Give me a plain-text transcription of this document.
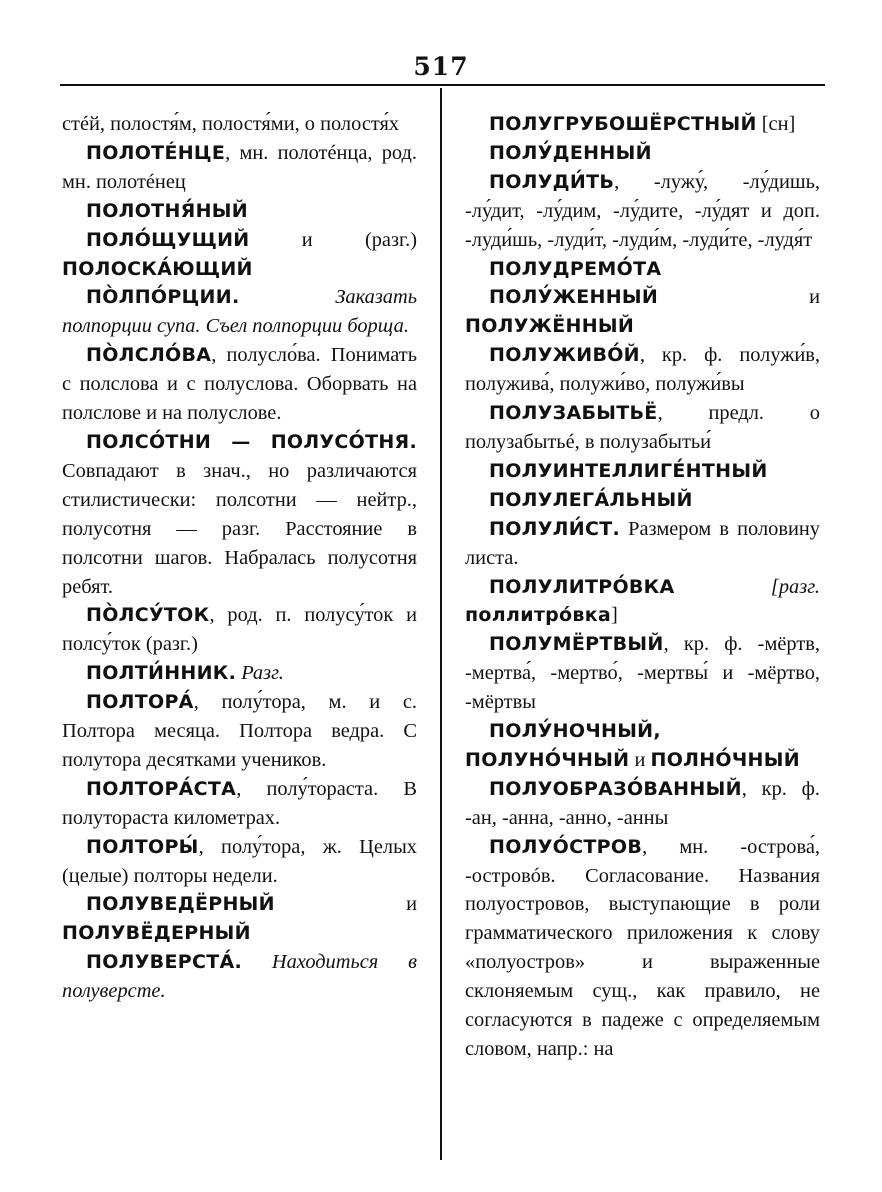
517

стéй, полостя́м, полостя́ми, о полостя́х

ПОЛОТÉНЦЕ, мн. полотéнца, род. мн. полотéнец

ПОЛОТНЯ́НЫЙ

ПОЛО́ЩУЩИЙ и (разг.) ПОЛОСКА́ЮЩИЙ

ПО̀ЛПО́РЦИИ. Заказать полпорции супа. Съел полпорции борща.

ПО̀ЛСЛО́ВА, полусло́ва. Понимать с полслова и с полуслова. Оборвать на полслове и на полуслове.

ПОЛСО́ТНИ — ПОЛУСО́ТНЯ. Совпадают в знач., но различаются стилистически: полсотни — нейтр., полусотня — разг. Расстояние в полсотни шагов. Набралась полусотня ребят.

ПО̀ЛСУ́ТОК, род. п. полусу́ток и полсу́ток (разг.)

ПОЛТИ́ННИК. Разг.

ПОЛТОРА́, полу́тора, м. и с. Полтора месяца. Полтора ведра. С полутора десятками учеников.

ПОЛТОРА́СТА, полу́тораста. В полутораста километрах.

ПОЛТОРЫ́, полу́тора, ж. Целых (целые) полторы недели.

ПОЛУВЕДЁРНЫЙ и ПОЛУВЁДЕРНЫЙ

ПОЛУВЕРСТА́. Находиться в полуверсте.

ПОЛУГРУБОШЁРСТНЫЙ [сн]

ПОЛУ́ДЕННЫЙ

ПОЛУДИ́ТЬ, -лужу́, -лу́дишь, -лу́дит, -лу́дим, -лу́дите, -лу́дят и доп. -луди́шь, -луди́т, -луди́м, -луди́те, -лудя́т

ПОЛУДРЕМО́ТА

ПОЛУ́ЖЕННЫЙ и ПОЛУЖЁННЫЙ

ПОЛУЖИВО́Й, кр. ф. полужи́в, полужива́, полужи́во, полужи́вы

ПОЛУЗАБЫТЬЁ, предл. о полузабытьé, в полузабытьи́

ПОЛУИНТЕЛЛИГЕ́НТНЫЙ

ПОЛУЛЕГА́ЛЬНЫЙ

ПОЛУЛИ́СТ. Размером в половину листа.

ПОЛУЛИТРО́ВКА [разг. поллитро́вка]

ПОЛУМЁРТВЫЙ, кр. ф. -мёртв, -мертва́, -мертво́, -мертвы́ и -мёртво, -мёртвы

ПОЛУ́НОЧНЫЙ, ПОЛУНО́ЧНЫЙ и ПОЛНО́ЧНЫЙ

ПОЛУОБРАЗО́ВАННЫЙ, кр. ф. -ан, -анна, -анно, -анны

ПОЛУО́СТРОВ, мн. -острова́, -островóв. Согласование. Названия полуостровов, выступающие в роли грамматического приложения к слову «полуостров» и выраженные склоняемым сущ., как правило, не согласуются в падеже с определяемым словом, напр.: на
